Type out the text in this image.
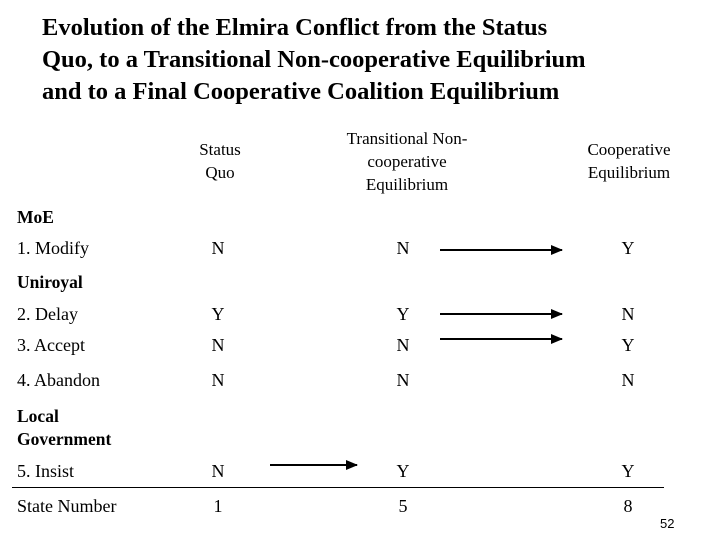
Evolution of the Elmira Conflict from the Status
Quo, to a Transitional Non-cooperative Equilibrium
and to a Final Cooperative Coalition Equilibrium
Status Quo
Transitional Non-cooperative Equilibrium
Cooperative Equilibrium
MoE
Uniroyal
Local Government
1. Modify	N	N	Y
2. Delay	Y	Y	N
3. Accept	N	N	Y
4. Abandon	N	N	N
5. Insist	N	Y	Y
State Number	1	5	8
52
